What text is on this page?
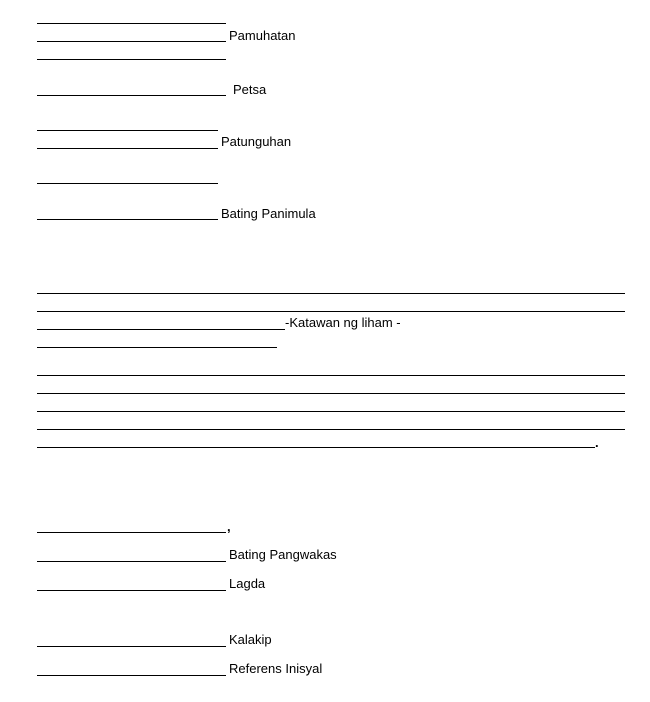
Pamuhatan
Petsa
Patunguhan
Bating Panimula
-Katawan ng liham -
.
,
Bating Pangwakas
Lagda
Kalakip
Referens Inisyal
